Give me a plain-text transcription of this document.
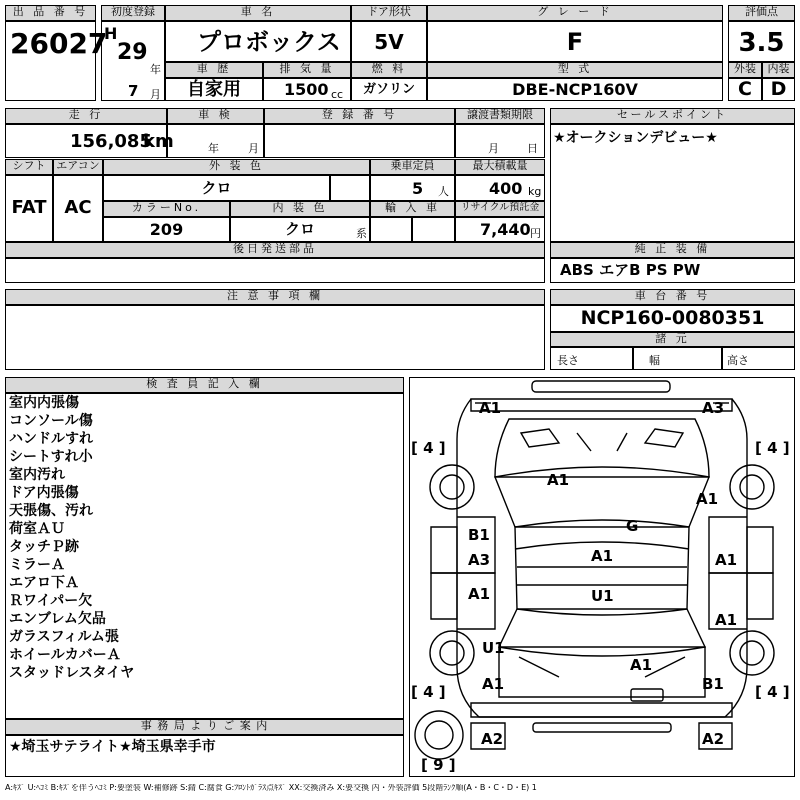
出 品 番 号
26027
初度登録
H
29
年
7 月
車 名
プロボックス
ドア形状
5V
グ レ ー ド
F
評価点
3.5
車 歴
自家用
排 気 量
1500 cc
燃 料
ガソリン
型 式
DBE-NCP160V
外装	内装
C D
走 行
156,085
km
車 検
年	月
登 録 番 号	譲渡書類期限
月	日
セールスポイント
★オークションデビュー★
シフト
FAT
エアコン
AC
外 装 色
クロ
乗車定員
5 人
最大積載量
400 kg
カラーNo.
209
内 装 色
クロ	系
輸 入 車	リサイクル預託金
7,440 円
後日発送部品	純 正 装 備
ABS エアB PS PW
注 意 事 項 欄	車 台 番 号
NCP160-0080351
諸 元
長さ	幅	高さ
検 査 員 記 入 欄
室内内張傷
コンソール傷
ハンドルすれ
シートすれ小
室内汚れ
ドア内張傷
天張傷、汚れ
荷室ＡＵ
タッチＰ跡
ミラーＡ
エアロ下Ａ
Ｒワイパー欠
エンブレム欠品
ガラスフィルム張
ホイールカバーＡ
スタッドレスタイヤ
事 務 局 よ り ご 案 内
★埼玉サテライト★埼玉県幸手市
A1	A3
A1
A1
B1	G
A3	A1	A1
U1
A1
A1
U1
A1
A1	B1
A2	A2
[ 4 ]	[ 4 ]
[ 4 ]	[ 4 ]
[ 9 ]
A:ｷｽﾞ U:ﾍｺﾐ B:ｷｽﾞを伴うﾍｺﾐ P:要塗装 W:補修跡 S:錆 C:腐食 G:ﾌﾛﾝﾄｶﾞﾗｽ点ｷｽﾞ XX:交換済み X:要交換 内・外装評価 5段階ﾗﾝｸ順(A・B・C・D・E) 1
